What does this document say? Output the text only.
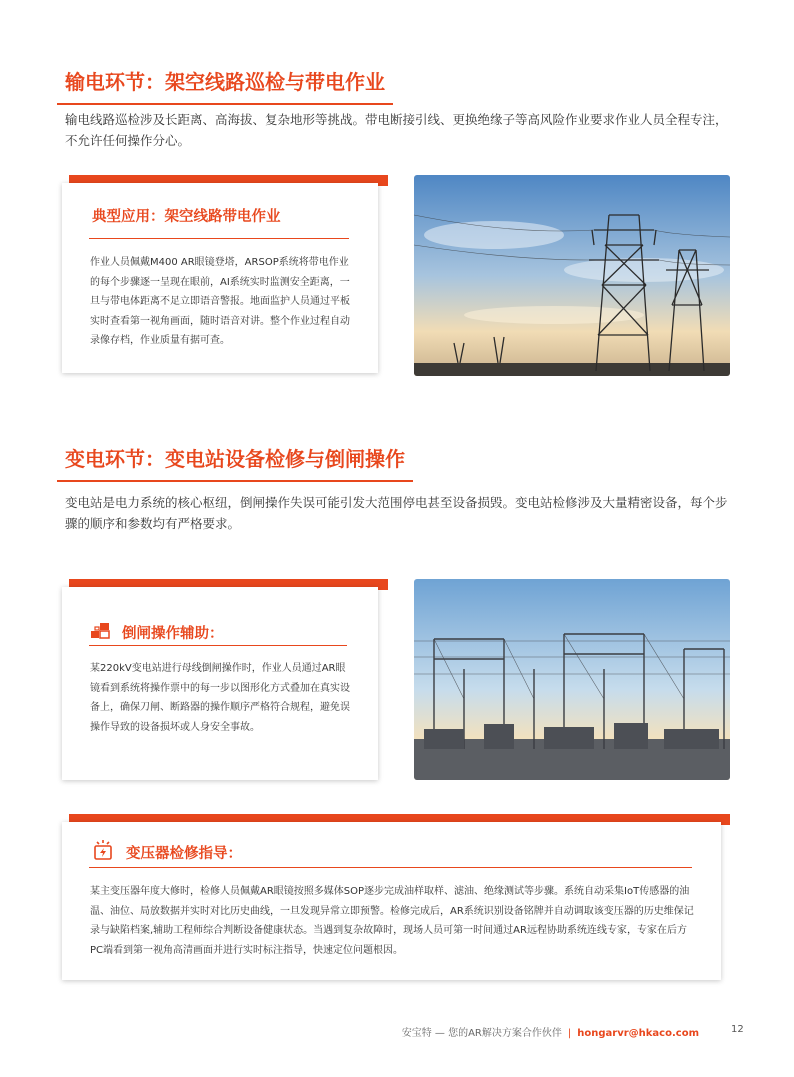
输电环节：架空线路巡检与带电作业
输电线路巡检涉及长距离、高海拔、复杂地形等挑战。带电断接引线、更换绝缘子等高风险作业要求作业人员全程专注，不允许任何操作分心。
典型应用：架空线路带电作业
作业人员佩戴M400 AR眼镜登塔，ARSOP系统将带电作业的每个步骤逐一呈现在眼前，AI系统实时监测安全距离，一旦与带电体距离不足立即语音警报。地面监护人员通过平板实时查看第一视角画面，随时语音对讲。整个作业过程自动录像存档，作业质量有据可查。
变电环节：变电站设备检修与倒闸操作
变电站是电力系统的核心枢纽，倒闸操作失误可能引发大范围停电甚至设备损毁。变电站检修涉及大量精密设备，每个步骤的顺序和参数均有严格要求。
倒闸操作辅助：
某220kV变电站进行母线倒闸操作时，作业人员通过AR眼镜看到系统将操作票中的每一步以图形化方式叠加在真实设备上，确保刀闸、断路器的操作顺序严格符合规程，避免误操作导致的设备损坏或人身安全事故。
变压器检修指导：
某主变压器年度大修时，检修人员佩戴AR眼镜按照多媒体SOP逐步完成油样取样、滤油、绝缘测试等步骤。系统自动采集IoT传感器的油温、油位、局放数据并实时对比历史曲线，一旦发现异常立即预警。检修完成后，AR系统识别设备铭牌并自动调取该变压器的历史维保记录与缺陷档案,辅助工程师综合判断设备健康状态。当遇到复杂故障时，现场人员可第一时间通过AR远程协助系统连线专家，专家在后方PC端看到第一视角高清画面并进行实时标注指导，快速定位问题根因。
安宝特 — 您的AR解决方案合作伙伴 | hongarvr@hkaco.com	12
